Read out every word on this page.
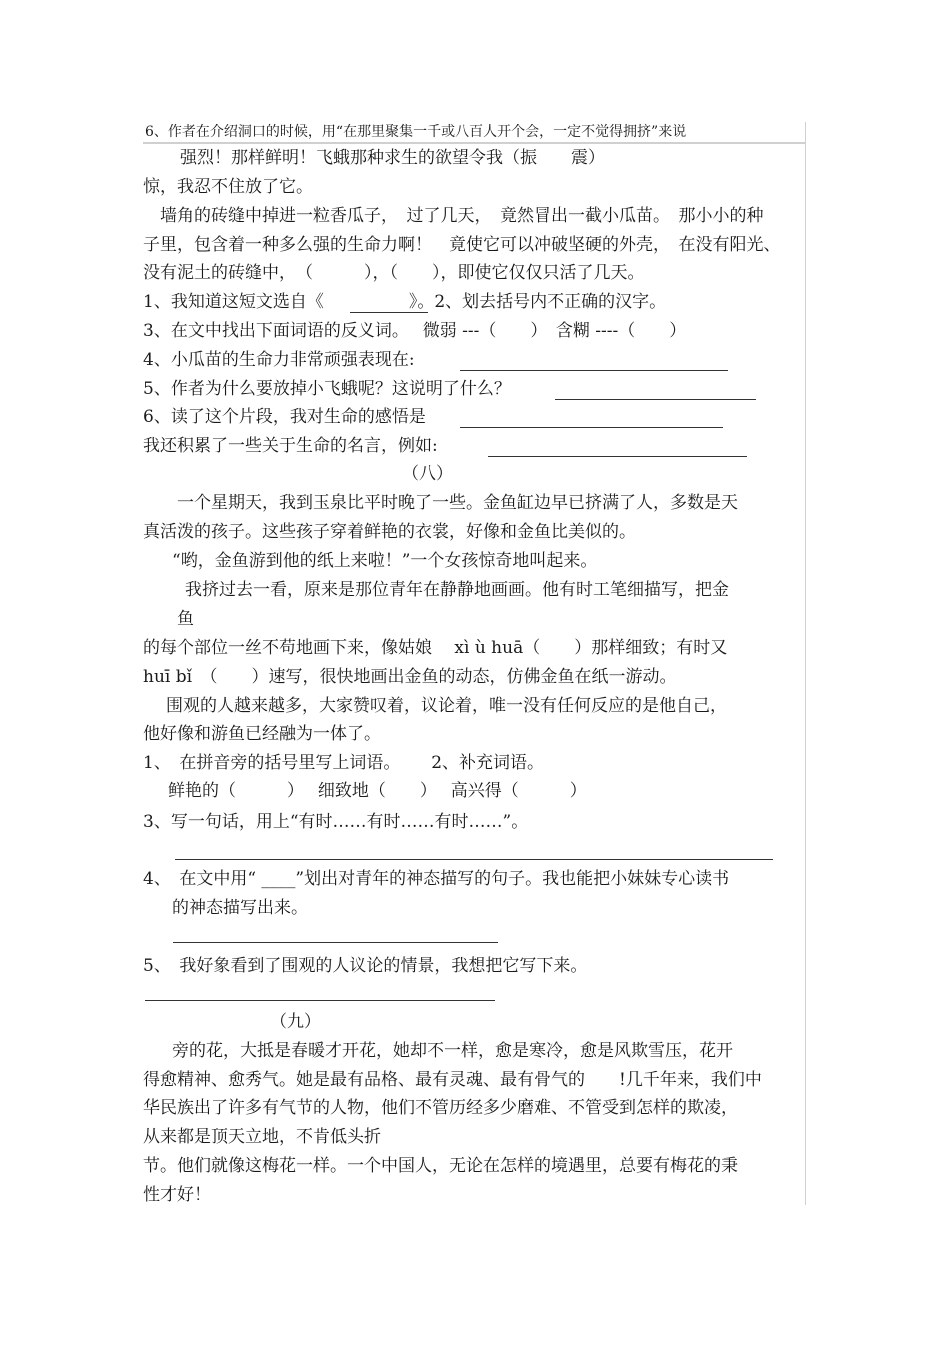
6、作者在介绍洞口的时候，用“在那里聚集一千或八百人开个会，一定不觉得拥挤”来说
强烈！那样鲜明！飞蛾那种求生的欲望令我（振　　震）
惊，我忍不住放了它。
墙角的砖缝中掉进一粒香瓜子，　过了几天，　竟然冒出一截小瓜苗。　那小小的种
子里，包含着一种多么强的生命力啊！　竟使它可以冲破坚硬的外壳，　在没有阳光、
没有泥土的砖缝中，　（　　　），（　　），即使它仅仅只活了几天。
1、我知道这短文选自《　　　　　》。2、划去括号内不正确的汉字。
3、在文中找出下面词语的反义词。　 微弱 ---（　　）　含糊 ----（　　）
4、小瓜苗的生命力非常顽强表现在:
5、作者为什么要放掉小飞蛾呢？这说明了什么？
6、读了这个片段，我对生命的感悟是
我还积累了一些关于生命的名言，例如:
（八）
一个星期天，我到玉泉比平时晚了一些。金鱼缸边早已挤满了人，多数是天
真活泼的孩子。这些孩子穿着鲜艳的衣裳，好像和金鱼比美似的。
“哟，金鱼游到他的纸上来啦！”一个女孩惊奇地叫起来。
我挤过去一看，原来是那位青年在静静地画画。他有时工笔细描写，把金
鱼
的每个部位一丝不苟地画下来，像姑娘　 xì ù huā（　　）那样细致；有时又
huī bǐ　（　　）速写，很快地画出金鱼的动态，仿佛金鱼在纸一游动。
围观的人越来越多，大家赞叹着，议论着，唯一没有任何反应的是他自己，
他好像和游鱼已经融为一体了。
1、　在拼音旁的括号里写上词语。　　 2、补充词语。
鲜艳的（　　　）　 细致地（　　）　 高兴得（　　　）
3、写一句话，用上“有时……有时……有时……”。
4、　在文中用“ ____”划出对青年的神态描写的句子。我也能把小妹妹专心读书
的神态描写出来。
5、　我好象看到了围观的人议论的情景，我想把它写下来。
（九）
旁的花，大抵是春暖才开花，她却不一样，愈是寒冷，愈是风欺雪压，花开
得愈精神、愈秀气。她是最有品格、最有灵魂、最有骨气的　　!几千年来，我们中
华民族出了许多有气节的人物，他们不管历经多少磨难、不管受到怎样的欺凌，
从来都是顶天立地，不肯低头折
节。他们就像这梅花一样。一个中国人，无论在怎样的境遇里，总要有梅花的秉
性才好！
